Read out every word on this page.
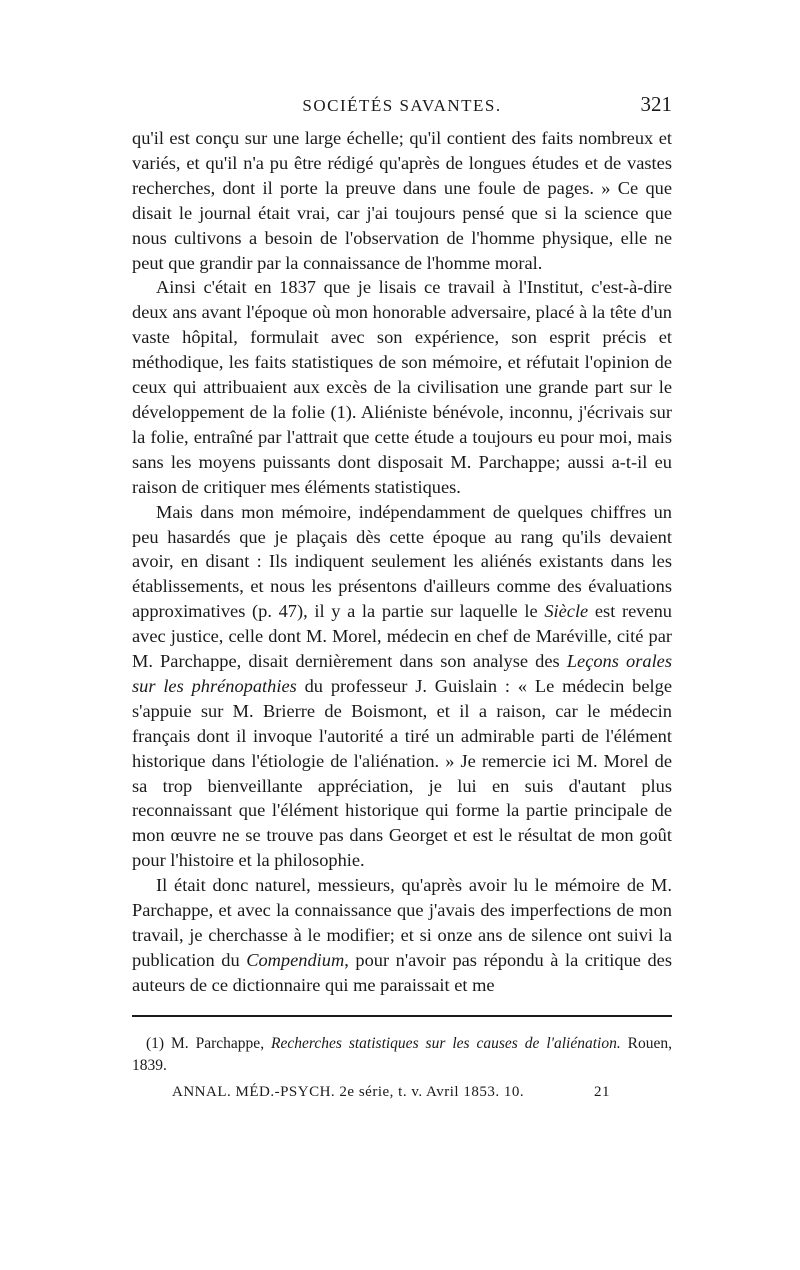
SOCIÉTÉS SAVANTES.	321

qu'il est conçu sur une large échelle; qu'il contient des faits nombreux et variés, et qu'il n'a pu être rédigé qu'après de longues études et de vastes recherches, dont il porte la preuve dans une foule de pages. » Ce que disait le journal était vrai, car j'ai toujours pensé que si la science que nous cultivons a besoin de l'observation de l'homme physique, elle ne peut que grandir par la connaissance de l'homme moral.

Ainsi c'était en 1837 que je lisais ce travail à l'Institut, c'est-à-dire deux ans avant l'époque où mon honorable adversaire, placé à la tête d'un vaste hôpital, formulait avec son expérience, son esprit précis et méthodique, les faits statistiques de son mémoire, et réfutait l'opinion de ceux qui attribuaient aux excès de la civilisation une grande part sur le développement de la folie (1). Aliéniste bénévole, inconnu, j'écrivais sur la folie, entraîné par l'attrait que cette étude a toujours eu pour moi, mais sans les moyens puissants dont disposait M. Parchappe; aussi a-t-il eu raison de critiquer mes éléments statistiques.

Mais dans mon mémoire, indépendamment de quelques chiffres un peu hasardés que je plaçais dès cette époque au rang qu'ils devaient avoir, en disant : Ils indiquent seulement les aliénés existants dans les établissements, et nous les présentons d'ailleurs comme des évaluations approximatives (p. 47), il y a la partie sur laquelle le Siècle est revenu avec justice, celle dont M. Morel, médecin en chef de Maréville, cité par M. Parchappe, disait dernièrement dans son analyse des Leçons orales sur les phrénopathies du professeur J. Guislain : « Le médecin belge s'appuie sur M. Brierre de Boismont, et il a raison, car le médecin français dont il invoque l'autorité a tiré un admirable parti de l'élément historique dans l'étiologie de l'aliénation. » Je remercie ici M. Morel de sa trop bienveillante appréciation, je lui en suis d'autant plus reconnaissant que l'élément historique qui forme la partie principale de mon œuvre ne se trouve pas dans Georget et est le résultat de mon goût pour l'histoire et la philosophie.

Il était donc naturel, messieurs, qu'après avoir lu le mémoire de M. Parchappe, et avec la connaissance que j'avais des imperfections de mon travail, je cherchasse à le modifier; et si onze ans de silence ont suivi la publication du Compendium, pour n'avoir pas répondu à la critique des auteurs de ce dictionnaire qui me paraissait et me

(1) M. Parchappe, Recherches statistiques sur les causes de l'aliénation. Rouen, 1839.
ANNAL. MÉD.-PSYCH. 2e série, t. v. Avril 1853. 10.	21
